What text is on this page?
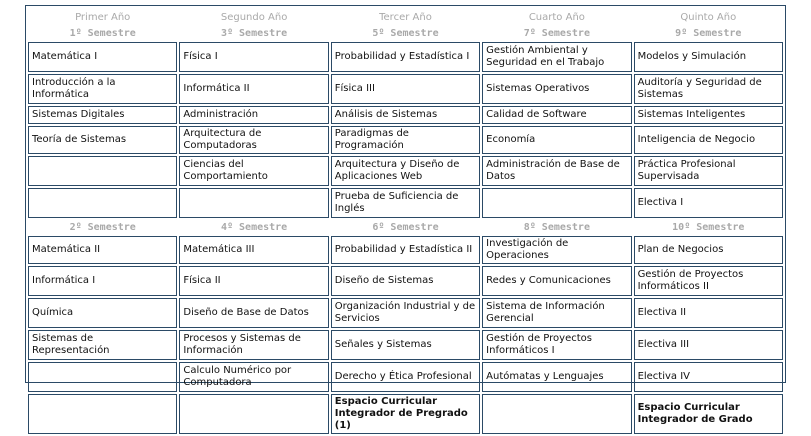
Primer Año	Segundo Año	Tercer Año	Cuarto Año	Quinto Año
1º Semestre	3º Semestre	5º Semestre	7º Semestre	9º Semestre
Matemática I	Física I	Probabilidad y Estadística I	Gestión Ambiental y Seguridad en el Trabajo	Modelos y Simulación
Introducción a la Informática	Informática II	Física III	Sistemas Operativos	Auditoría y Seguridad de Sistemas
Sistemas Digitales	Administración	Análisis de Sistemas	Calidad de Software	Sistemas Inteligentes
Teoría de Sistemas	Arquitectura de Computadoras	Paradigmas de Programación	Economía	Inteligencia de Negocio
	Ciencias del Comportamiento	Arquitectura y Diseño de Aplicaciones Web	Administración de Base de Datos	Práctica Profesional Supervisada
		Prueba de Suficiencia de Inglés		Electiva I
2º Semestre	4º Semestre	6º Semestre	8º Semestre	10º Semestre
Matemática II	Matemática III	Probabilidad y Estadística II	Investigación de Operaciones	Plan de Negocios
Informática I	Física II	Diseño de Sistemas	Redes y Comunicaciones	Gestión de Proyectos Informáticos II
Química	Diseño de Base de Datos	Organización Industrial y de Servicios	Sistema de Información Gerencial	Electiva II
Sistemas de Representación	Procesos y Sistemas de Información	Señales y Sistemas	Gestión de Proyectos Informáticos I	Electiva III
	Calculo Numérico por Computadora	Derecho y Ética Profesional	Autómatas y Lenguajes	Electiva IV
		Espacio Curricular Integrador de Pregrado (1)		Espacio Curricular Integrador de Grado
